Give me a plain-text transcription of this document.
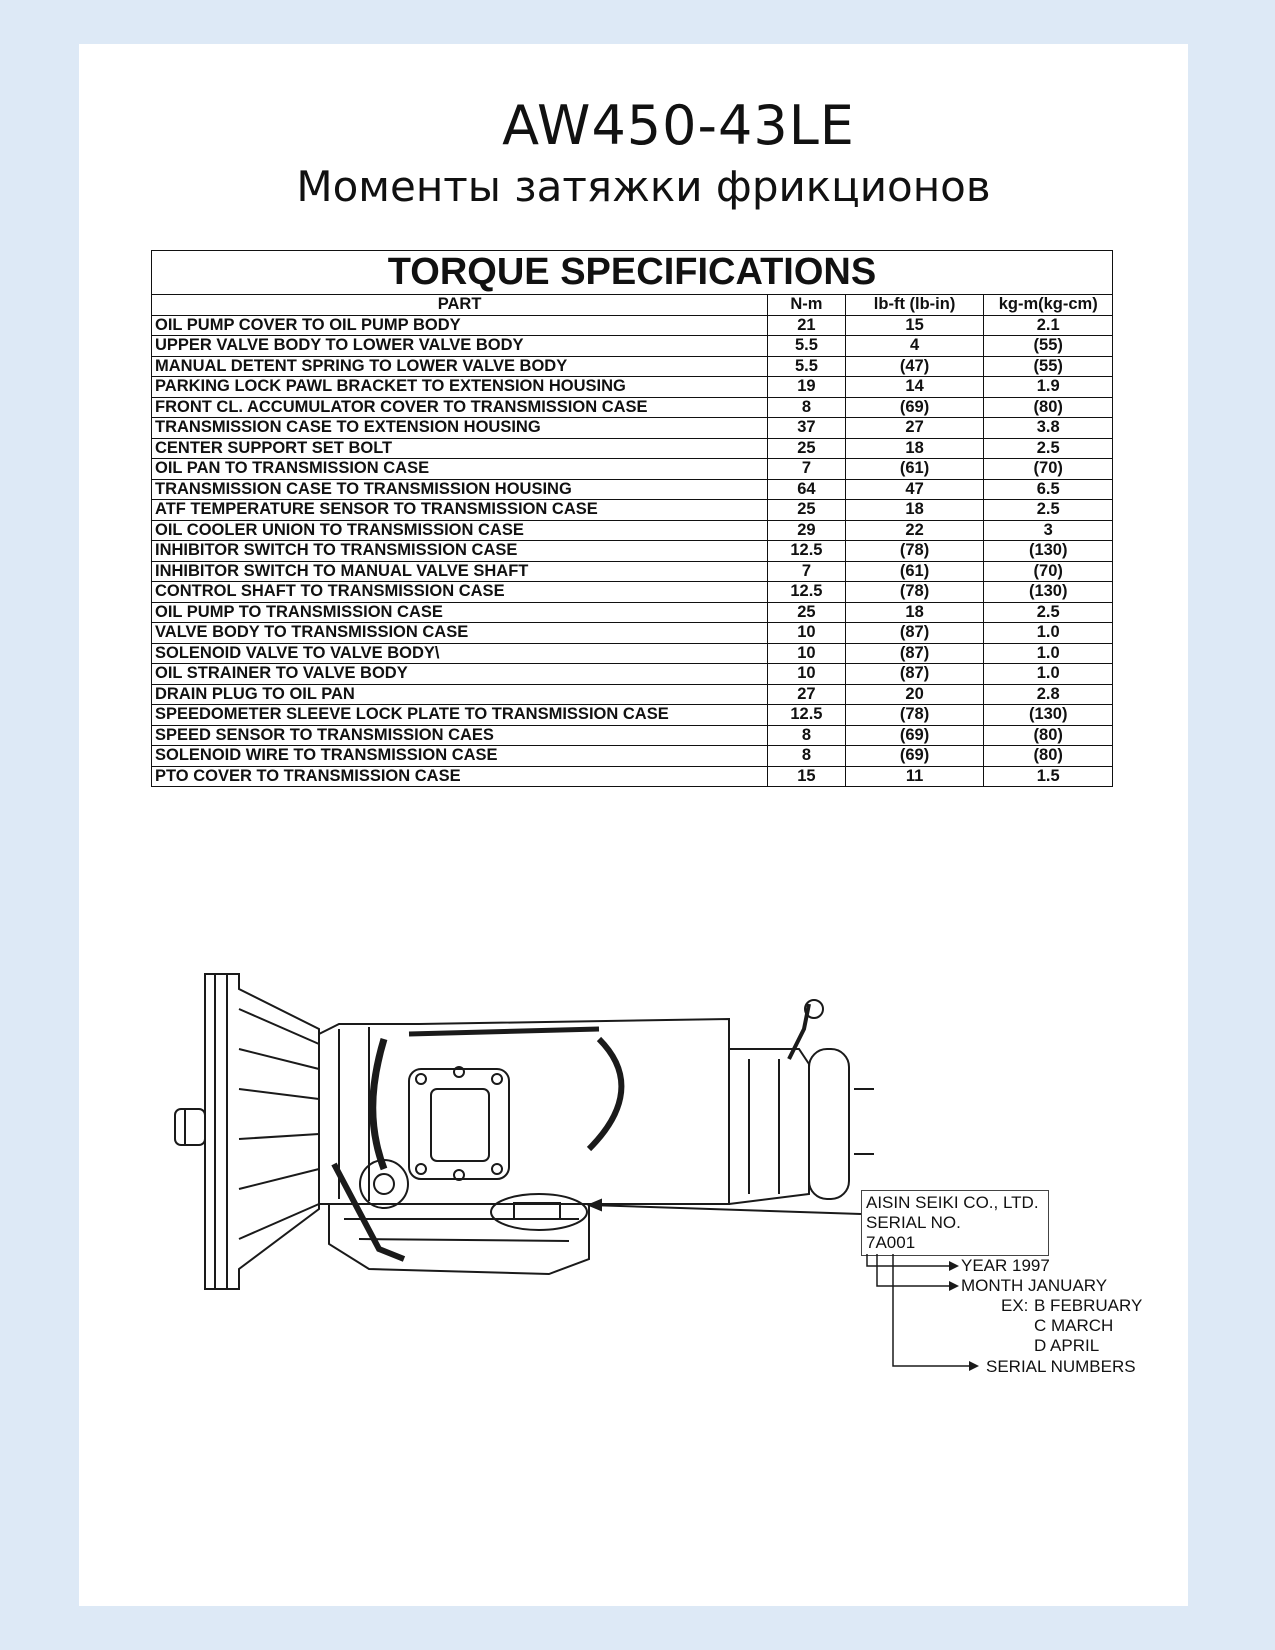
AW450-43LE
Моменты затяжки фрикционов
TORQUE SPECIFICATIONS			
PART	N-m	lb-ft (lb-in)	kg-m(kg-cm)
OIL PUMP COVER TO OIL PUMP BODY	21	15	2.1
UPPER VALVE BODY TO LOWER VALVE BODY	5.5	4	(55)
MANUAL DETENT SPRING TO LOWER VALVE BODY	5.5	(47)	(55)
PARKING LOCK PAWL BRACKET TO EXTENSION HOUSING	19	14	1.9
FRONT CL. ACCUMULATOR COVER TO TRANSMISSION CASE	8	(69)	(80)
TRANSMISSION CASE TO EXTENSION HOUSING	37	27	3.8
CENTER SUPPORT SET BOLT	25	18	2.5
OIL PAN TO TRANSMISSION CASE	7	(61)	(70)
TRANSMISSION CASE TO TRANSMISSION HOUSING	64	47	6.5
ATF TEMPERATURE SENSOR TO TRANSMISSION CASE	25	18	2.5
OIL COOLER UNION TO TRANSMISSION CASE	29	22	3
INHIBITOR SWITCH TO TRANSMISSION CASE	12.5	(78)	(130)
INHIBITOR SWITCH TO MANUAL VALVE SHAFT	7	(61)	(70)
CONTROL SHAFT TO TRANSMISSION CASE	12.5	(78)	(130)
OIL PUMP TO TRANSMISSION CASE	25	18	2.5
VALVE BODY TO TRANSMISSION CASE	10	(87)	1.0
SOLENOID VALVE TO VALVE BODY\	10	(87)	1.0
OIL STRAINER TO VALVE BODY	10	(87)	1.0
DRAIN PLUG TO OIL PAN	27	20	2.8
SPEEDOMETER SLEEVE LOCK PLATE TO TRANSMISSION CASE	12.5	(78)	(130)
SPEED SENSOR TO TRANSMISSION CAES	8	(69)	(80)
SOLENOID WIRE TO TRANSMISSION CASE	8	(69)	(80)
PTO COVER TO TRANSMISSION CASE	15	11	1.5
AISIN SEIKI CO., LTD.
SERIAL NO.
7A001
YEAR 1997
MONTH JANUARY
EX: B FEBRUARY
C MARCH
D APRIL
SERIAL NUMBERS
